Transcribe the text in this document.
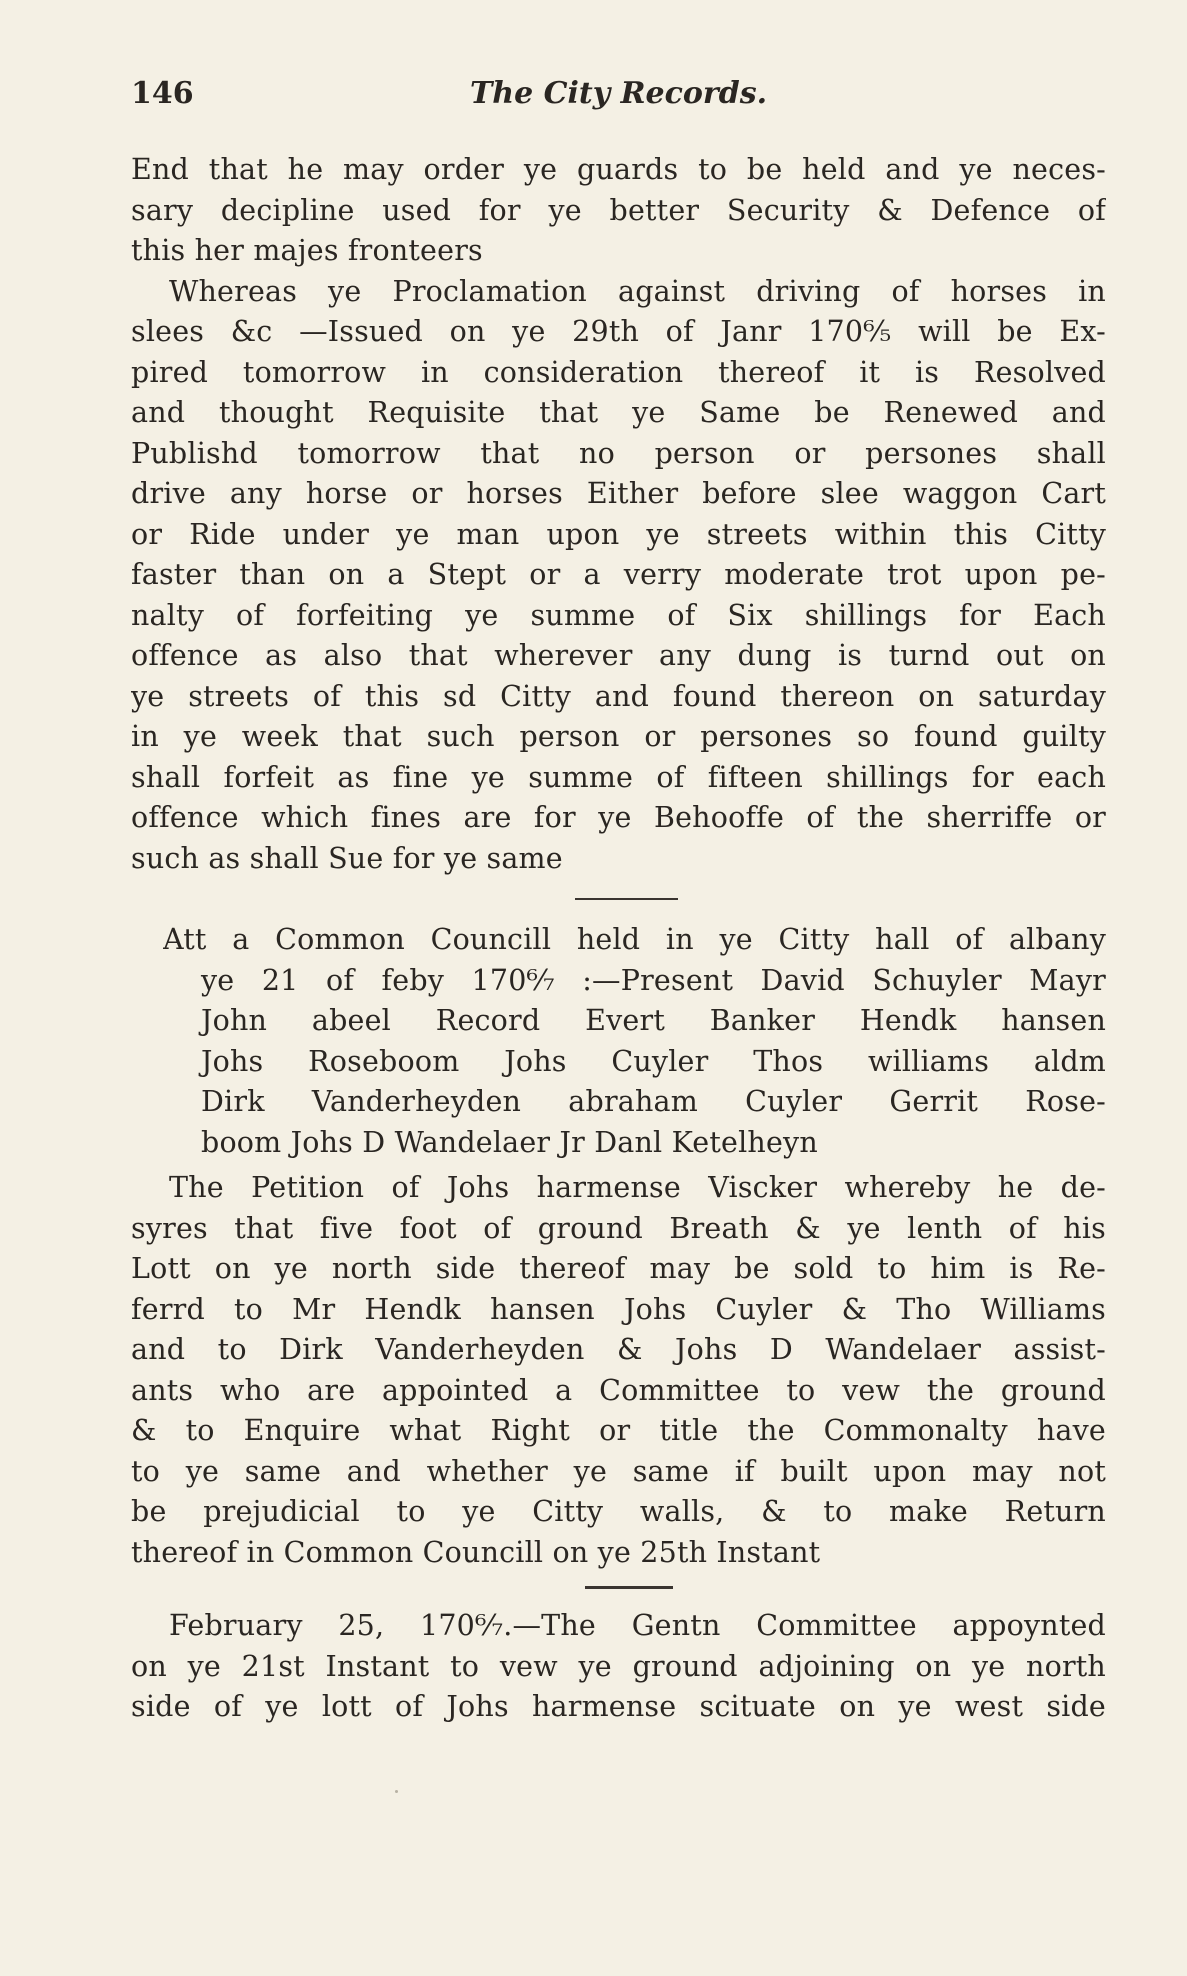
146	The City Records.
End that he may order ye guards to be held and ye neces-
sary decipline used for ye better Security & Defence of
this her majes fronteers
Whereas ye Proclamation against driving of horses in
slees &c —Issued on ye 29th of Janr 170⁶⁄₅ will be Ex-
pired tomorrow in consideration thereof it is Resolved
and thought Requisite that ye Same be Renewed and
Publishd tomorrow that no person or persones shall
drive any horse or horses Either before slee waggon Cart
or Ride under ye man upon ye streets within this Citty
faster than on a Stept or a verry moderate trot upon pe-
nalty of forfeiting ye summe of Six shillings for Each
offence as also that wherever any dung is turnd out on
ye streets of this sd Citty and found thereon on saturday
in ye week that such person or persones so found guilty
shall forfeit as fine ye summe of fifteen shillings for each
offence which fines are for ye Behooffe of the sherriffe or
such as shall Sue for ye same
Att a Common Councill held in ye Citty hall of albany
ye 21 of feby 170⁶⁄₇ :—Present David Schuyler Mayr
John abeel Record Evert Banker Hendk hansen
Johs Roseboom Johs Cuyler Thos williams aldm
Dirk Vanderheyden abraham Cuyler Gerrit Rose-
boom Johs D Wandelaer Jr Danl Ketelheyn
The Petition of Johs harmense Viscker whereby he de-
syres that five foot of ground Breath & ye lenth of his
Lott on ye north side thereof may be sold to him is Re-
ferrd to Mr Hendk hansen Johs Cuyler & Tho Williams
and to Dirk Vanderheyden & Johs D Wandelaer assist-
ants who are appointed a Committee to vew the ground
& to Enquire what Right or title the Commonalty have
to ye same and whether ye same if built upon may not
be prejudicial to ye Citty walls, & to make Return
thereof in Common Councill on ye 25th Instant
February 25, 170⁶⁄₇.—The Gentn Committee appoynted
on ye 21st Instant to vew ye ground adjoining on ye north
side of ye lott of Johs harmense scituate on ye west side
